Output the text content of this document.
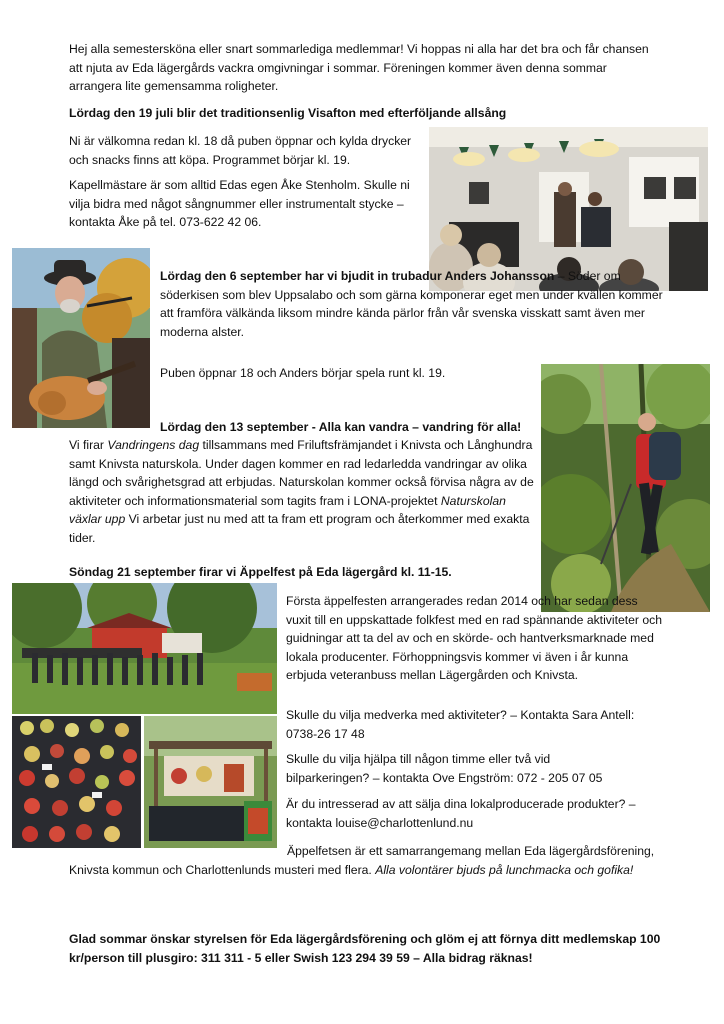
Hej alla semesterskön​a eller snart sommarlediga medlemmar! Vi hoppas ni alla har det bra och får chansen att njuta av Eda lägergårds vackra omgivningar i sommar. Föreningen kommer även denna sommar arrangera lite gemensamma roligheter.

Lördag den 19 juli blir det traditionsenlig Visafton med efterföljande allsång

Ni är välkomna redan kl. 18 då puben öppnar och kylda drycker och snacks finns att köpa. Programmet börjar kl. 19.

Kapellmästare är som alltid Edas egen Åke Stenholm. Skulle ni vilja bidra med något sångnummer eller instrumentalt stycke – kontakta Åke på tel. 073-622 42 06.

Lördag den 6 september har vi bjudit in trubadur Anders Johansson – Söder om söderkisen som blev Uppsalabo och som gärna komponerar eget men under kvällen kommer att framföra välkända liksom mindre kända pärlor från vår svenska visskatt samt även mer moderna alster.

Puben öppnar 18 och Anders börjar spela runt kl. 19.

Lördag den 13 september - Alla kan vandra – vandring för alla!

Vi firar Vandringens dag tillsammans med Friluftsfrämjandet i Knivsta och Långhundra samt Knivsta naturskola. Under dagen kommer en rad ledarledda vandringar av olika längd och svårighetsgrad att erbjudas. Naturskolan kommer också förvisa några av de aktiviteter och informationsmaterial som tagits fram i LONA-projektet Naturskolan växlar upp Vi arbetar just nu med att ta fram ett program och återkommer med exakta tider.

Söndag 21 september firar vi Äppelfest på Eda lägergård kl. 11-15.

Första äppelfesten arrangerades redan 2014 och har sedan dess vuxit till en uppskattade folkfest med en rad spännande aktiviteter och guidningar att ta del av och en skörde- och hantverksmarknade med lokala producenter. Förhoppningsvis kommer vi även i år kunna erbjuda veteranbuss mellan Lägergården och Knivsta.

Skulle du vilja medverka med aktiviteter? – Kontakta Sara Antell: 0738-26 17 48

Skulle du vilja hjälpa till någon timme eller två vid bilparkeringen? – kontakta Ove Engström: 072 - 205 07 05

Är du intresserad av att sälja dina lokalproducerade produkter? – kontakta louise@charlottenlund.nu

Äppelfetsen är ett samarrangemang mellan Eda lägergårdsförening, Knivsta kommun och Charlottenlunds musteri med flera. Alla volontärer bjuds på lunchmacka och gofika!

Glad sommar önskar styrelsen för Eda lägergårdsförening och glöm ej att förnya ditt medlemskap 100 kr/person till plusgiro: 311 311 - 5 eller Swish 123 294 39 59 – Alla bidrag räknas!
